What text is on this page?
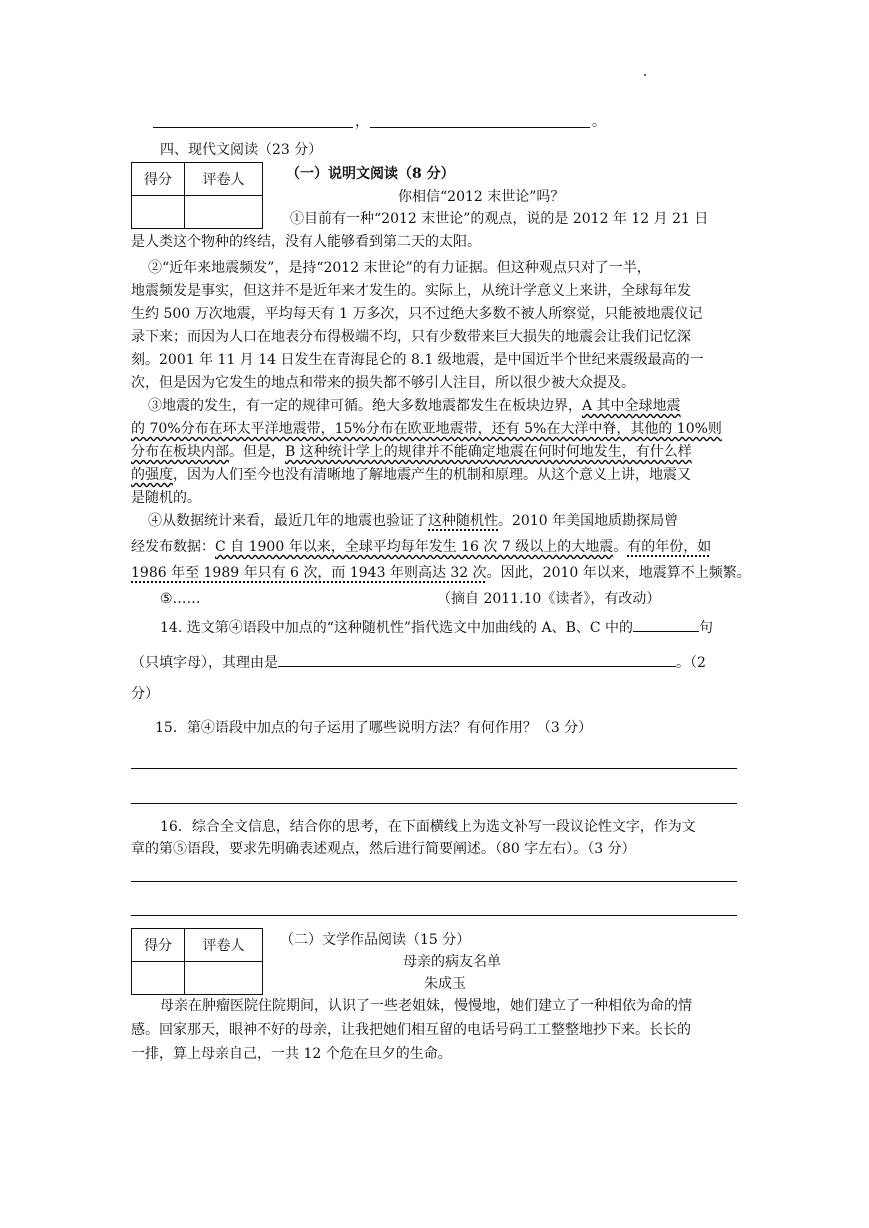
，	。
四、现代文阅读（23 分）
得分	评卷人
		（一）说明文阅读（8 分）
你相信“2012 末世论”吗？
①目前有一种“2012 末世论”的观点，说的是 2012 年 12 月 21 日
是人类这个物种的终结，没有人能够看到第二天的太阳。
②“近年来地震频发”，是持“2012 末世论”的有力证据。但这种观点只对了一半，
地震频发是事实，但这并不是近年来才发生的。实际上，从统计学意义上来讲，全球每年发
生约 500 万次地震，平均每天有 1 万多次，只不过绝大多数不被人所察觉，只能被地震仪记
录下来；而因为人口在地表分布得极端不均，只有少数带来巨大损失的地震会让我们记忆深
刻。2001 年 11 月 14 日发生在青海昆仑的 8.1 级地震，是中国近半个世纪来震级最高的一
次，但是因为它发生的地点和带来的损失都不够引人注目，所以很少被大众提及。
③地震的发生，有一定的规律可循。绝大多数地震都发生在板块边界，A 其中全球地震
的 70%分布在环太平洋地震带，15%分布在欧亚地震带，还有 5%在大洋中脊，其他的 10%则
分布在板块内部。但是，B 这种统计学上的规律并不能确定地震在何时何地发生，有什么样
的强度，因为人们至今也没有清晰地了解地震产生的机制和原理。从这个意义上讲，地震又
是随机的。
④从数据统计来看，最近几年的地震也验证了这种随机性。2010 年美国地质勘探局曾
经发布数据：C 自 1900 年以来，全球平均每年发生 16 次 7 级以上的大地震。有的年份，如
1986 年至 1989 年只有 6 次，而 1943 年则高达 32 次。因此，2010 年以来，地震算不上频繁。
⑤……	（摘自 2011.10《读者》，有改动）
14. 选文第④语段中加点的“这种随机性”指代选文中加曲线的 A、B、C 中的	句
（只填字母），其理由是	。（2
分）
15．第④语段中加点的句子运用了哪些说明方法？有何作用？（3 分）
16．综合全文信息，结合你的思考，在下面横线上为选文补写一段议论性文字，作为文
章的第⑤语段，要求先明确表述观点，然后进行简要阐述。（80 字左右）。（3 分）
得分	评卷人
		（二）文学作品阅读（15 分）
母亲的病友名单
朱成玉
母亲在肿瘤医院住院期间，认识了一些老姐妹，慢慢地，她们建立了一种相依为命的情
感。回家那天，眼神不好的母亲，让我把她们相互留的电话号码工工整整地抄下来。长长的
一排，算上母亲自己，一共 12 个危在旦夕的生命。
